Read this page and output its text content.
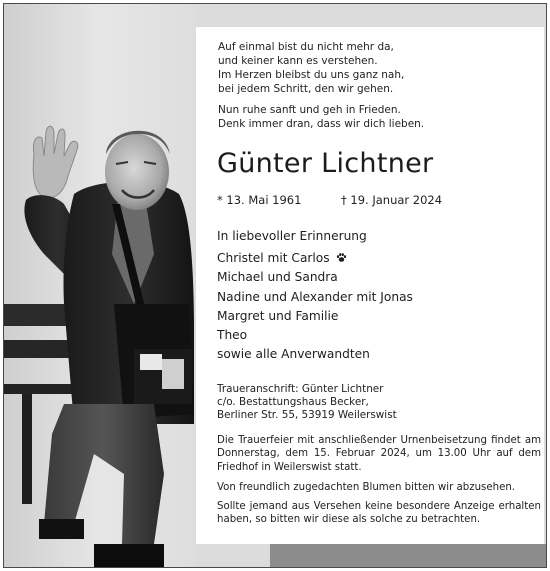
Auf einmal bist du nicht mehr da,
und keiner kann es verstehen.
Im Herzen bleibst du uns ganz nah,
bei jedem Schritt, den wir gehen.
Nun ruhe sanft und geh in Frieden.
Denk immer dran, dass wir dich lieben.
Günter Lichtner
* 13. Mai 1961	† 19. Januar 2024
In liebevoller Erinnerung
Christel mit Carlos
Michael und Sandra
Nadine und Alexander mit Jonas
Margret und Familie
Theo
sowie alle Anverwandten
Traueranschrift: Günter Lichtner
c/o. Bestattungshaus Becker,
Berliner Str. 55, 53919 Weilerswist
Die Trauerfeier mit anschließender Urnenbeisetzung findet am Donnerstag, dem 15. Februar 2024, um 13.00 Uhr auf dem Friedhof in Weilerswist statt.
Von freundlich zugedachten Blumen bitten wir abzusehen.
Sollte jemand aus Versehen keine besondere Anzeige erhalten haben, so bitten wir diese als solche zu betrachten.
